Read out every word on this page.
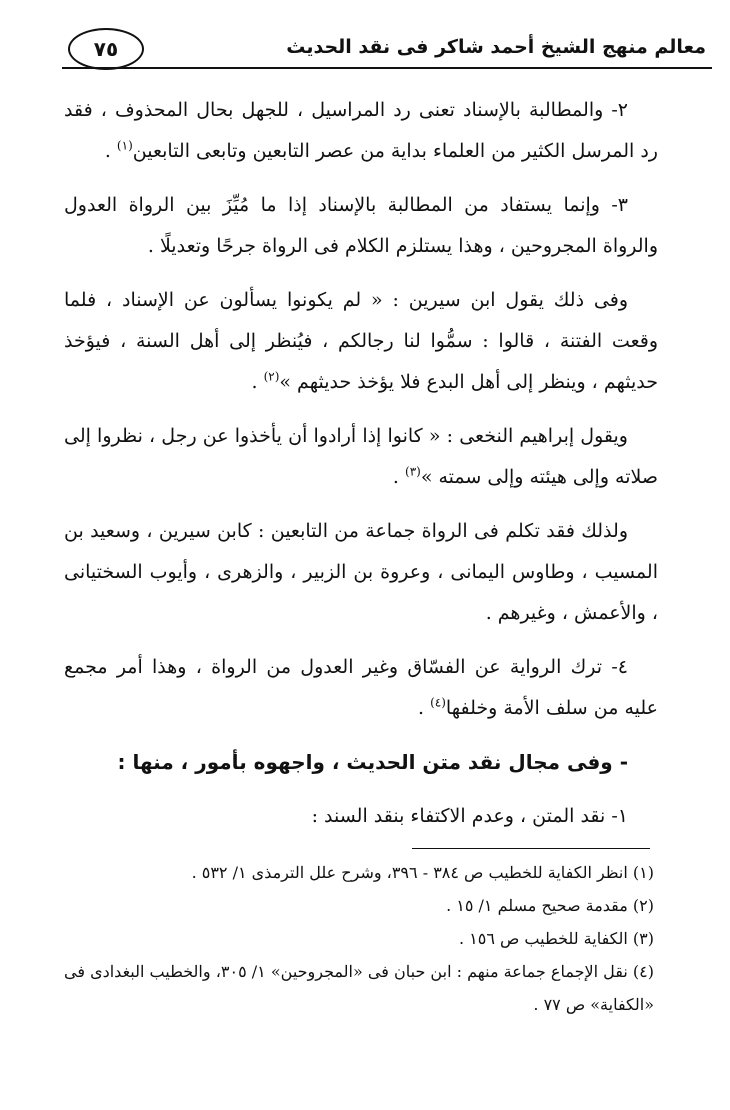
٧٥	معالم منهج الشيخ أحمد شاكر فى نقد الحديث

٢- والمطالبة بالإسناد تعنى رد المراسيل ، للجهل بحال المحذوف ، فقد رد المرسل الكثير من العلماء بداية من عصر التابعين وتابعى التابعين$^{(١)}$ .

٣- وإنما يستفاد من المطالبة بالإسناد إذا ما مُيِّزَ بين الرواة العدول والرواة المجروحين ، وهذا يستلزم الكلام فى الرواة جرحًا وتعديلًا .

وفى ذلك يقول ابن سيرين : « لم يكونوا يسألون عن الإسناد ، فلما وقعت الفتنة ، قالوا : سمُّوا لنا رجالكم ، فيُنظر إلى أهل السنة ، فيؤخذ حديثهم ، وينظر إلى أهل البدع فلا يؤخذ حديثهم »$^{(٢)}$ .

ويقول إبراهيم النخعى : « كانوا إذا أرادوا أن يأخذوا عن رجل ، نظروا إلى صلاته وإلى هيئته وإلى سمته »$^{(٣)}$ .

ولذلك فقد تكلم فى الرواة جماعة من التابعين : كابن سيرين ، وسعيد بن المسيب ، وطاوس اليمانى ، وعروة بن الزبير ، والزهرى ، وأيوب السختيانى ، والأعمش ، وغيرهم .

٤- ترك الرواية عن الفسّاق وغير العدول من الرواة ، وهذا أمر مجمع عليه من سلف الأمة وخلفها$^{(٤)}$ .

- وفى مجال نقد متن الحديث ، واجهوه بأمور ، منها :

١- نقد المتن ، وعدم الاكتفاء بنقد السند :

(١) انظر الكفاية للخطيب ص ٣٨٤ - ٣٩٦، وشرح علل الترمذى ١/ ٥٣٢ .

(٢) مقدمة صحيح مسلم ١/ ١٥ .

(٣) الكفاية للخطيب ص ١٥٦ .

(٤) نقل الإجماع جماعة منهم : ابن حبان فى «المجروحين» ١/ ٣٠٥، والخطيب البغدادى فى «الكفاية» ص ٧٧ .
